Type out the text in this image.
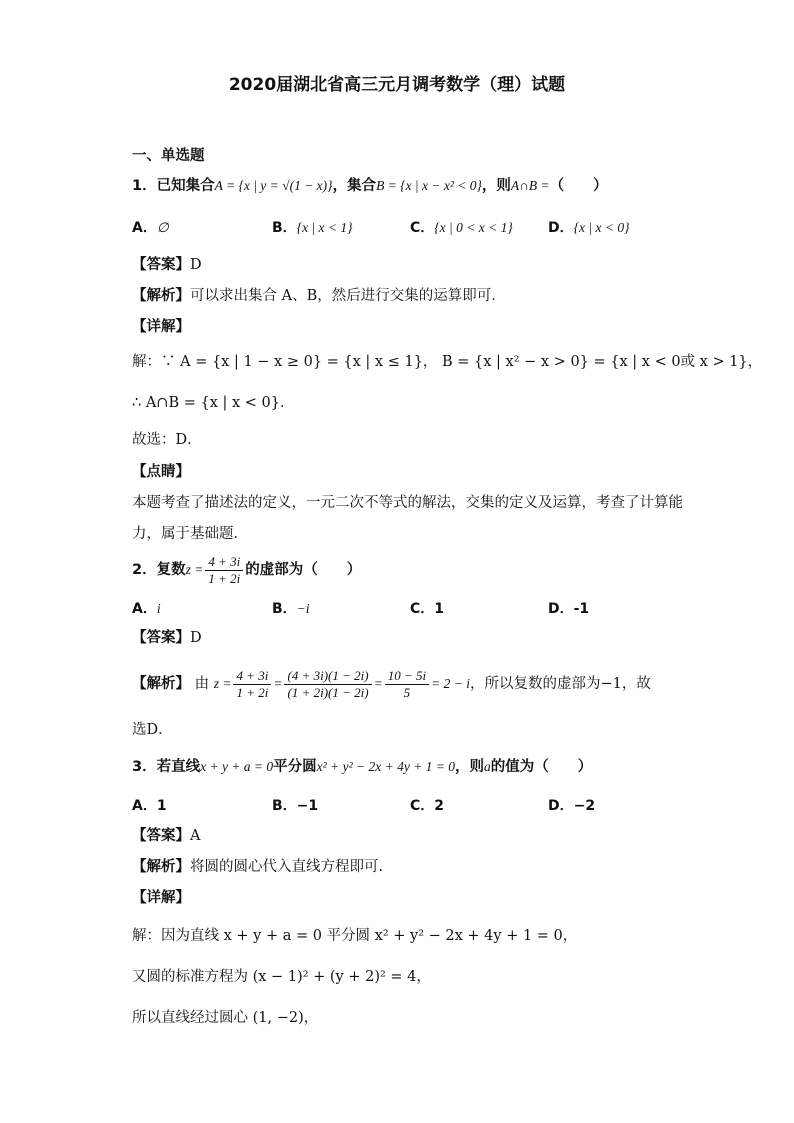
2020届湖北省高三元月调考数学（理）试题
一、单选题
1．已知集合A = {x | y = √(1 − x)}，集合B = {x | x − x² < 0}，则A∩B =（　　）
A．∅	B．{x | x < 1}	C．{x | 0 < x < 1}	D．{x | x < 0}
【答案】D
【解析】可以求出集合 A、B，然后进行交集的运算即可．
【详解】
解：∵ A = {x | 1 − x ≥ 0} = {x | x ≤ 1}， B = {x | x² − x > 0} = {x | x < 0或 x > 1}，
∴ A∩B = {x | x < 0}．
故选：D．
【点睛】
本题考查了描述法的定义，一元二次不等式的解法，交集的定义及运算，考查了计算能
力，属于基础题．
2．复数$z = \frac{4 + 3i}{1 + 2i}$ 的虚部为（　　）
A．i	B．−i	C．1	D．-1
【答案】D
【解析】 由 $z = \frac{4 + 3i}{1 + 2i} = \frac{(4 + 3i)(1 - 2i)}{(1 + 2i)(1 - 2i)} = \frac{10 - 5i}{5} = 2 - i$，所以复数的虚部为−1，故
选D．
3．若直线x + y + a = 0平分圆x² + y² − 2x + 4y + 1 = 0，则a的值为（　　）
A．1	B．−1	C．2	D．−2
【答案】A
【解析】将圆的圆心代入直线方程即可.
【详解】
解：因为直线 x + y + a = 0 平分圆 x² + y² − 2x + 4y + 1 = 0，
又圆的标准方程为 (x − 1)² + (y + 2)² = 4，
所以直线经过圆心 (1, −2)，
